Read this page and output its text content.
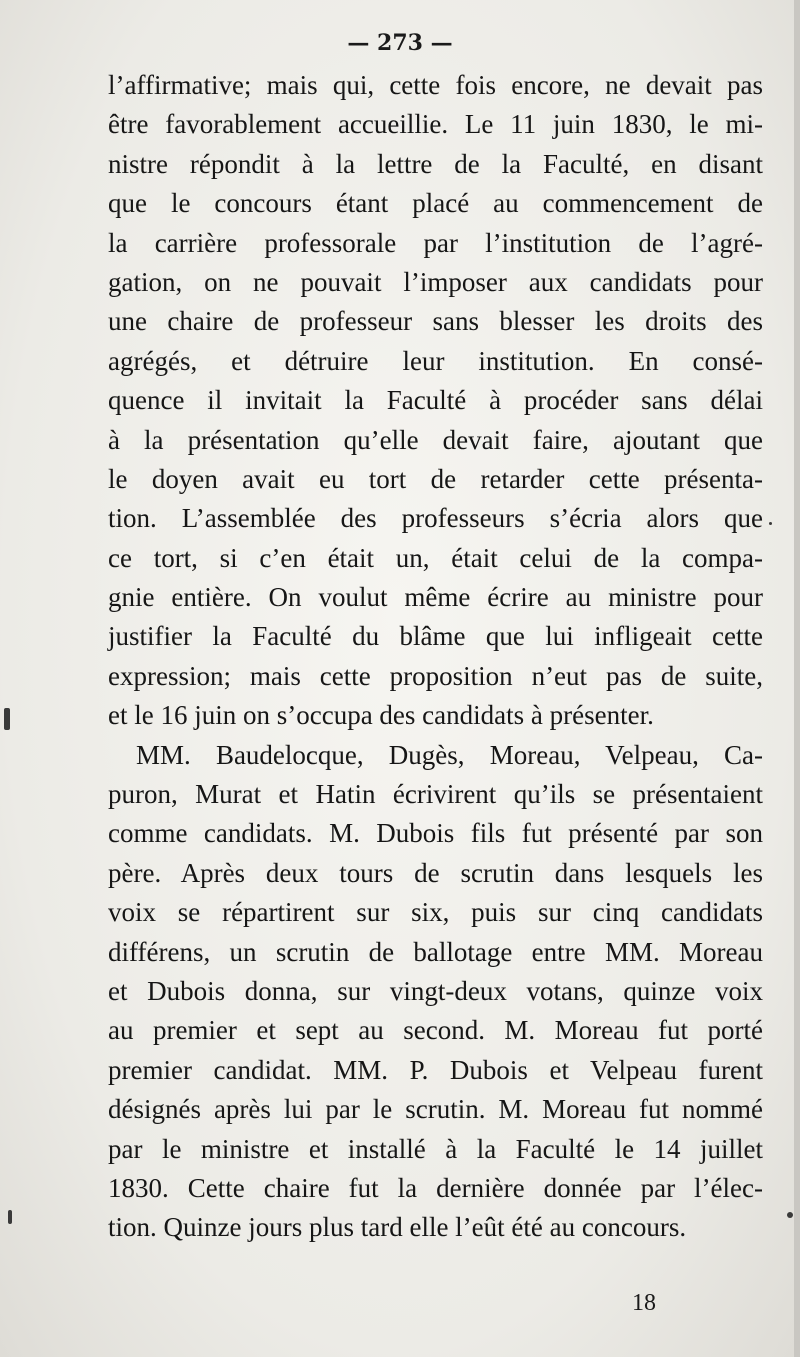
— 273 —
l’affirmative; mais qui, cette fois encore, ne devait pas
être favorablement accueillie. Le 11 juin 1830, le mi-
nistre répondit à la lettre de la Faculté, en disant
que le concours étant placé au commencement de
la carrière professorale par l’institution de l’agré-
gation, on ne pouvait l’imposer aux candidats pour
une chaire de professeur sans blesser les droits des
agrégés, et détruire leur institution. En consé-
quence il invitait la Faculté à procéder sans délai
à la présentation qu’elle devait faire, ajoutant que
le doyen avait eu tort de retarder cette présenta-
tion. L’assemblée des professeurs s’écria alors que
ce tort, si c’en était un, était celui de la compa-
gnie entière. On voulut même écrire au ministre pour
justifier la Faculté du blâme que lui infligeait cette
expression; mais cette proposition n’eut pas de suite,
et le 16 juin on s’occupa des candidats à présenter.
MM. Baudelocque, Dugès, Moreau, Velpeau, Ca-
puron, Murat et Hatin écrivirent qu’ils se présentaient
comme candidats. M. Dubois fils fut présenté par son
père. Après deux tours de scrutin dans lesquels les
voix se répartirent sur six, puis sur cinq candidats
différens, un scrutin de ballotage entre MM. Moreau
et Dubois donna, sur vingt-deux votans, quinze voix
au premier et sept au second. M. Moreau fut porté
premier candidat. MM. P. Dubois et Velpeau furent
désignés après lui par le scrutin. M. Moreau fut nommé
par le ministre et installé à la Faculté le 14 juillet
1830. Cette chaire fut la dernière donnée par l’élec-
tion. Quinze jours plus tard elle l’eût été au concours.
18
